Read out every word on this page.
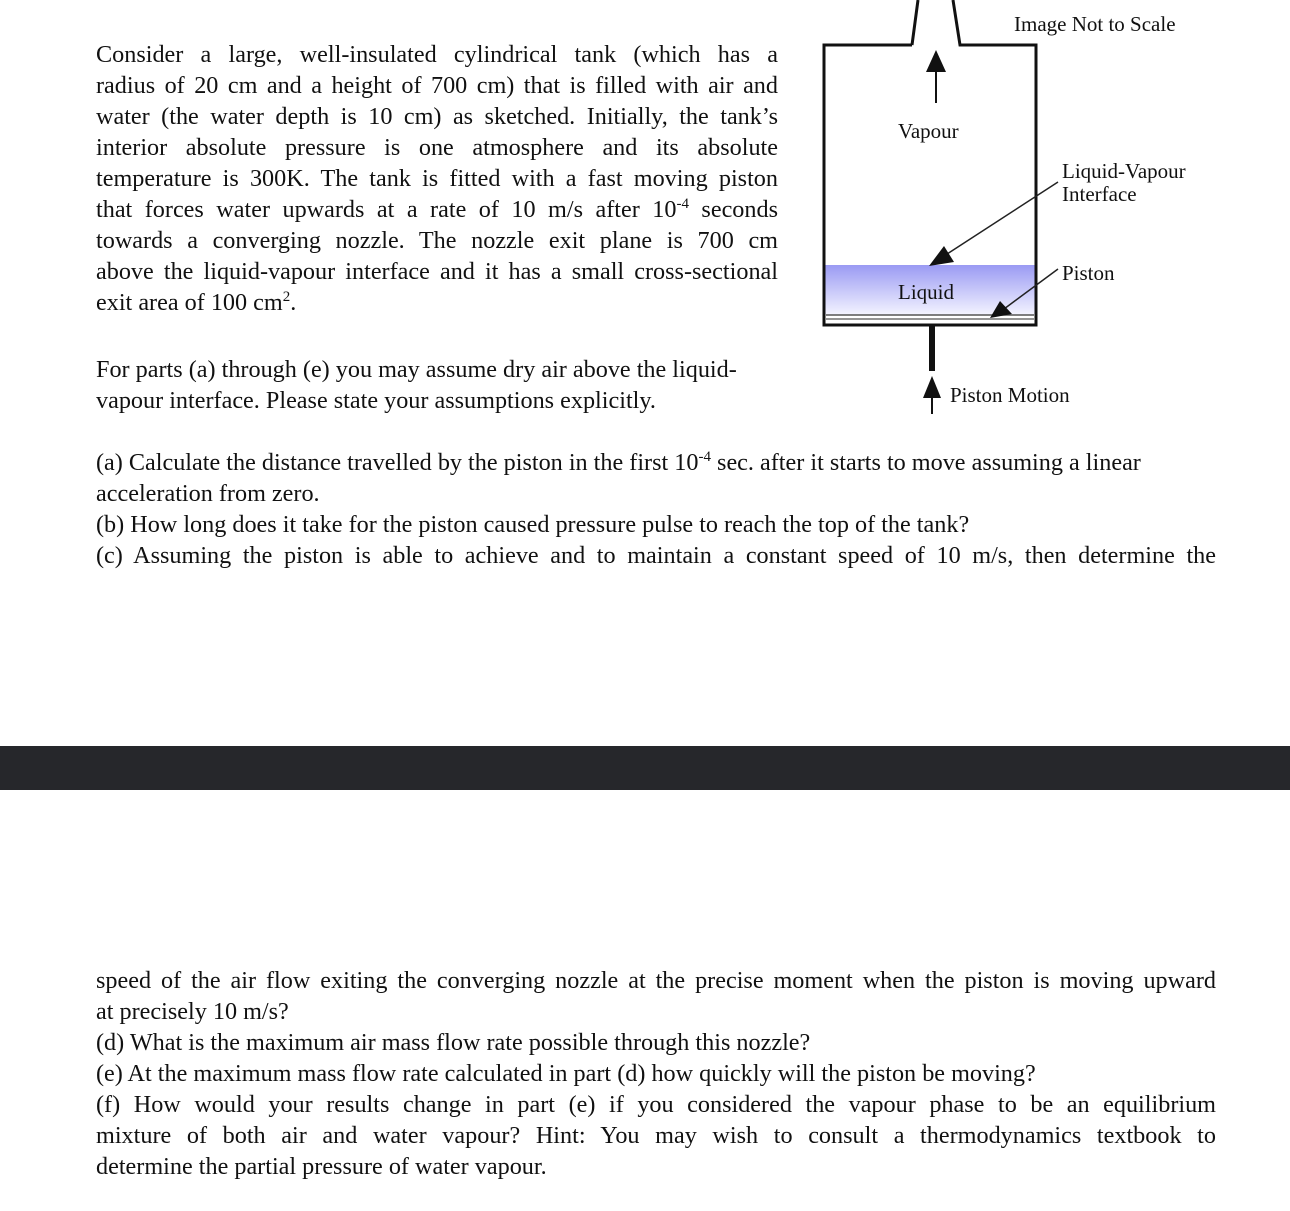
Consider a large, well-insulated cylindrical tank (which has a
radius of 20 cm and a height of 700 cm) that is filled with air and
water (the water depth is 10 cm) as sketched. Initially, the tank’s
interior absolute pressure is one atmosphere and its absolute
temperature is 300K. The tank is fitted with a fast moving piston
that forces water upwards at a rate of 10 m/s after $10^{-4}$ seconds
towards a converging nozzle. The nozzle exit plane is 700 cm
above the liquid-vapour interface and it has a small cross-sectional
exit area of 100 $cm^2$.
For parts (a) through (e) you may assume dry air above the liquid-
vapour interface. Please state your assumptions explicitly.
Image Not to Scale
Vapour
Liquid-Vapour
Interface
Piston
Liquid
Piston Motion
(a) Calculate the distance travelled by the piston in the first $10^{-4}$ sec. after it starts to move assuming a linear
acceleration from zero.
(b) How long does it take for the piston caused pressure pulse to reach the top of the tank?
(c) Assuming the piston is able to achieve and to maintain a constant speed of 10 m/s, then determine the
speed of the air flow exiting the converging nozzle at the precise moment when the piston is moving upward
at precisely 10 m/s?
(d) What is the maximum air mass flow rate possible through this nozzle?
(e) At the maximum mass flow rate calculated in part (d) how quickly will the piston be moving?
(f) How would your results change in part (e) if you considered the vapour phase to be an equilibrium
mixture of both air and water vapour? Hint: You may wish to consult a thermodynamics textbook to
determine the partial pressure of water vapour.
